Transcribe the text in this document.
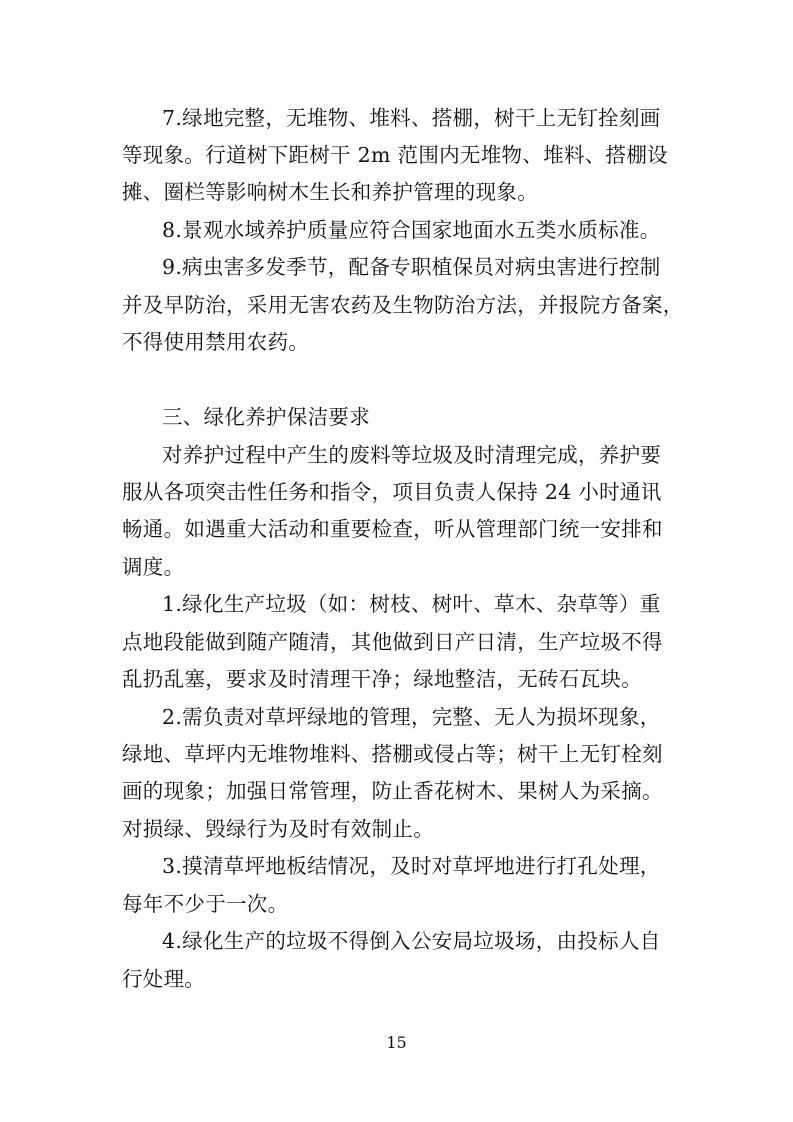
7.绿地完整，无堆物、堆料、搭棚，树干上无钉拴刻画
等现象。行道树下距树干 2m 范围内无堆物、堆料、搭棚设
摊、圈栏等影响树木生长和养护管理的现象。
8.景观水域养护质量应符合国家地面水五类水质标准。
9.病虫害多发季节，配备专职植保员对病虫害进行控制
并及早防治，采用无害农药及生物防治方法，并报院方备案，
不得使用禁用农药。
三、绿化养护保洁要求
对养护过程中产生的废料等垃圾及时清理完成，养护要
服从各项突击性任务和指令，项目负责人保持 24 小时通讯
畅通。如遇重大活动和重要检查，听从管理部门统一安排和
调度。
1.绿化生产垃圾（如：树枝、树叶、草木、杂草等）重
点地段能做到随产随清，其他做到日产日清，生产垃圾不得
乱扔乱塞，要求及时清理干净；绿地整洁，无砖石瓦块。
2.需负责对草坪绿地的管理，完整、无人为损坏现象，
绿地、草坪内无堆物堆料、搭棚或侵占等；树干上无钉栓刻
画的现象；加强日常管理，防止香花树木、果树人为采摘。
对损绿、毁绿行为及时有效制止。
3.摸清草坪地板结情况，及时对草坪地进行打孔处理，
每年不少于一次。
4.绿化生产的垃圾不得倒入公安局垃圾场，由投标人自
行处理。
15
